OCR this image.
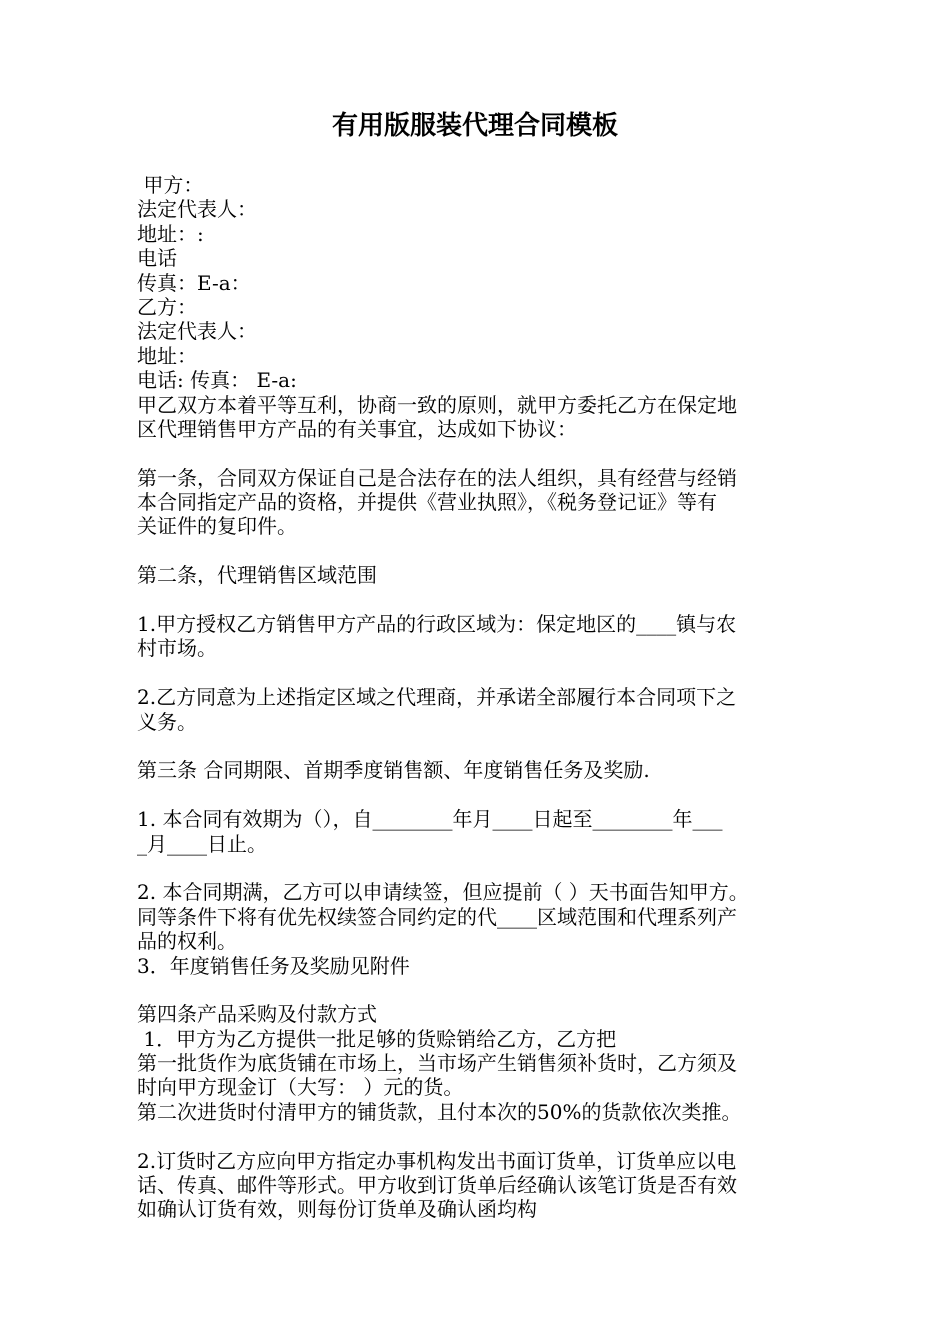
有用版服装代理合同模板
甲方：
法定代表人：
地址：:
电话
传真：E-a：
乙方：
法定代表人：
地址：
电话: 传真： E-a:
甲乙双方本着平等互利，协商一致的原则，就甲方委托乙方在保定地
区代理销售甲方产品的有关事宜，达成如下协议：
第一条，合同双方保证自己是合法存在的法人组织，具有经营与经销
本合同指定产品的资格，并提供《营业执照》，《税务登记证》等有
关证件的复印件。
第二条，代理销售区域范围
1.甲方授权乙方销售甲方产品的行政区域为：保定地区的____镇与农
村市场。
2.乙方同意为上述指定区域之代理商，并承诺全部履行本合同项下之
义务。
第三条 合同期限、首期季度销售额、年度销售任务及奖励.
1. 本合同有效期为（），自________年月____日起至________年___
_月____日止。
2. 本合同期满，乙方可以申请续签，但应提前（ ）天书面告知甲方。
同等条件下将有优先权续签合同约定的代____区域范围和代理系列产
品的权利。
3．年度销售任务及奖励见附件
第四条产品采购及付款方式
1．甲方为乙方提供一批足够的货赊销给乙方，乙方把
第一批货作为底货铺在市场上，当市场产生销售须补货时，乙方须及
时向甲方现金订（大写： ）元的货。
第二次进货时付清甲方的铺货款，且付本次的50%的货款依次类推。
2.订货时乙方应向甲方指定办事机构发出书面订货单，订货单应以电
话、传真、邮件等形式。甲方收到订货单后经确认该笔订货是否有效
如确认订货有效，则每份订货单及确认函均构
